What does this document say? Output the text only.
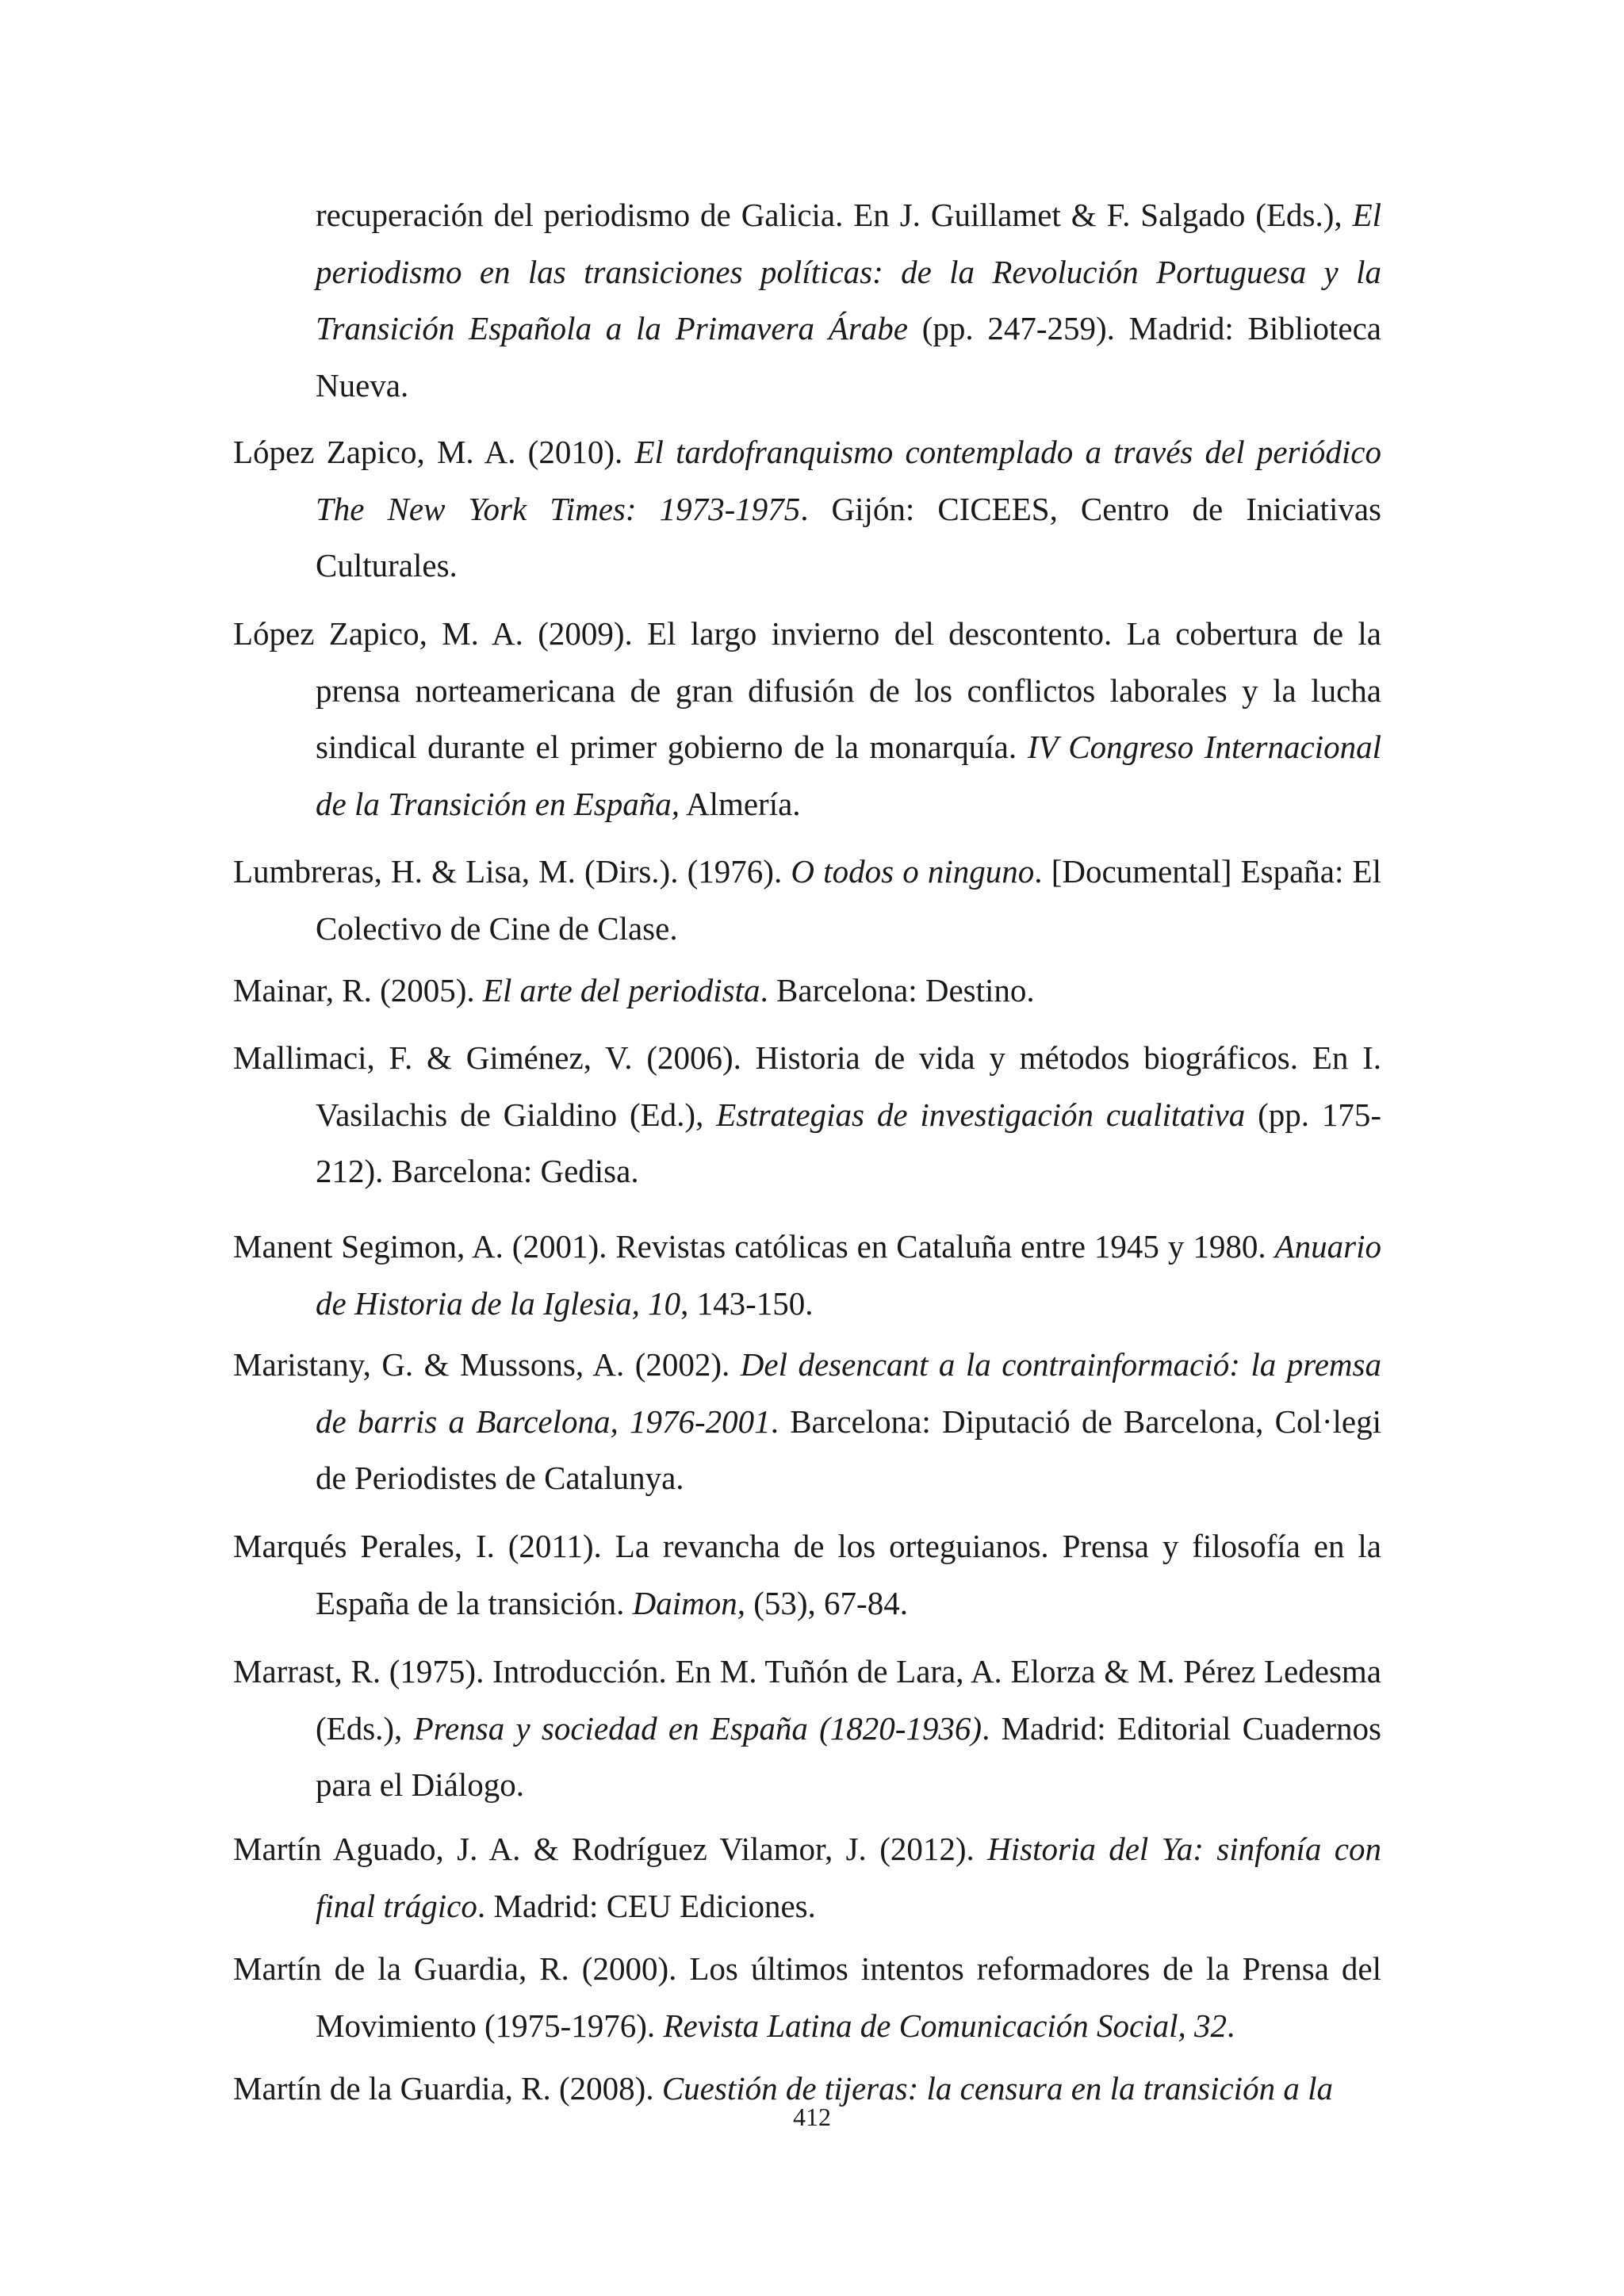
recuperación del periodismo de Galicia. En J. Guillamet & F. Salgado (Eds.), El periodismo en las transiciones políticas: de la Revolución Portuguesa y la Transición Española a la Primavera Árabe (pp. 247-259). Madrid: Biblioteca Nueva.

López Zapico, M. A. (2010). El tardofranquismo contemplado a través del periódico The New York Times: 1973-1975. Gijón: CICEES, Centro de Iniciativas Culturales.

López Zapico, M. A. (2009). El largo invierno del descontento. La cobertura de la prensa norteamericana de gran difusión de los conflictos laborales y la lucha sindical durante el primer gobierno de la monarquía. IV Congreso Internacional de la Transición en España, Almería.

Lumbreras, H. & Lisa, M. (Dirs.). (1976). O todos o ninguno. [Documental] España: El Colectivo de Cine de Clase.

Mainar, R. (2005). El arte del periodista. Barcelona: Destino.

Mallimaci, F. & Giménez, V. (2006). Historia de vida y métodos biográficos. En I. Vasilachis de Gialdino (Ed.), Estrategias de investigación cualitativa (pp. 175-212). Barcelona: Gedisa.

Manent Segimon, A. (2001). Revistas católicas en Cataluña entre 1945 y 1980. Anuario de Historia de la Iglesia, 10, 143-150.

Maristany, G. & Mussons, A. (2002). Del desencant a la contrainformació: la premsa de barris a Barcelona, 1976-2001. Barcelona: Diputació de Barcelona, Col·legi de Periodistes de Catalunya.

Marqués Perales, I. (2011). La revancha de los orteguianos. Prensa y filosofía en la España de la transición. Daimon, (53), 67-84.

Marrast, R. (1975). Introducción. En M. Tuñón de Lara, A. Elorza & M. Pérez Ledesma (Eds.), Prensa y sociedad en España (1820-1936). Madrid: Editorial Cuadernos para el Diálogo.

Martín Aguado, J. A. & Rodríguez Vilamor, J. (2012). Historia del Ya: sinfonía con final trágico. Madrid: CEU Ediciones.

Martín de la Guardia, R. (2000). Los últimos intentos reformadores de la Prensa del Movimiento (1975-1976). Revista Latina de Comunicación Social, 32.

Martín de la Guardia, R. (2008). Cuestión de tijeras: la censura en la transición a la

412
